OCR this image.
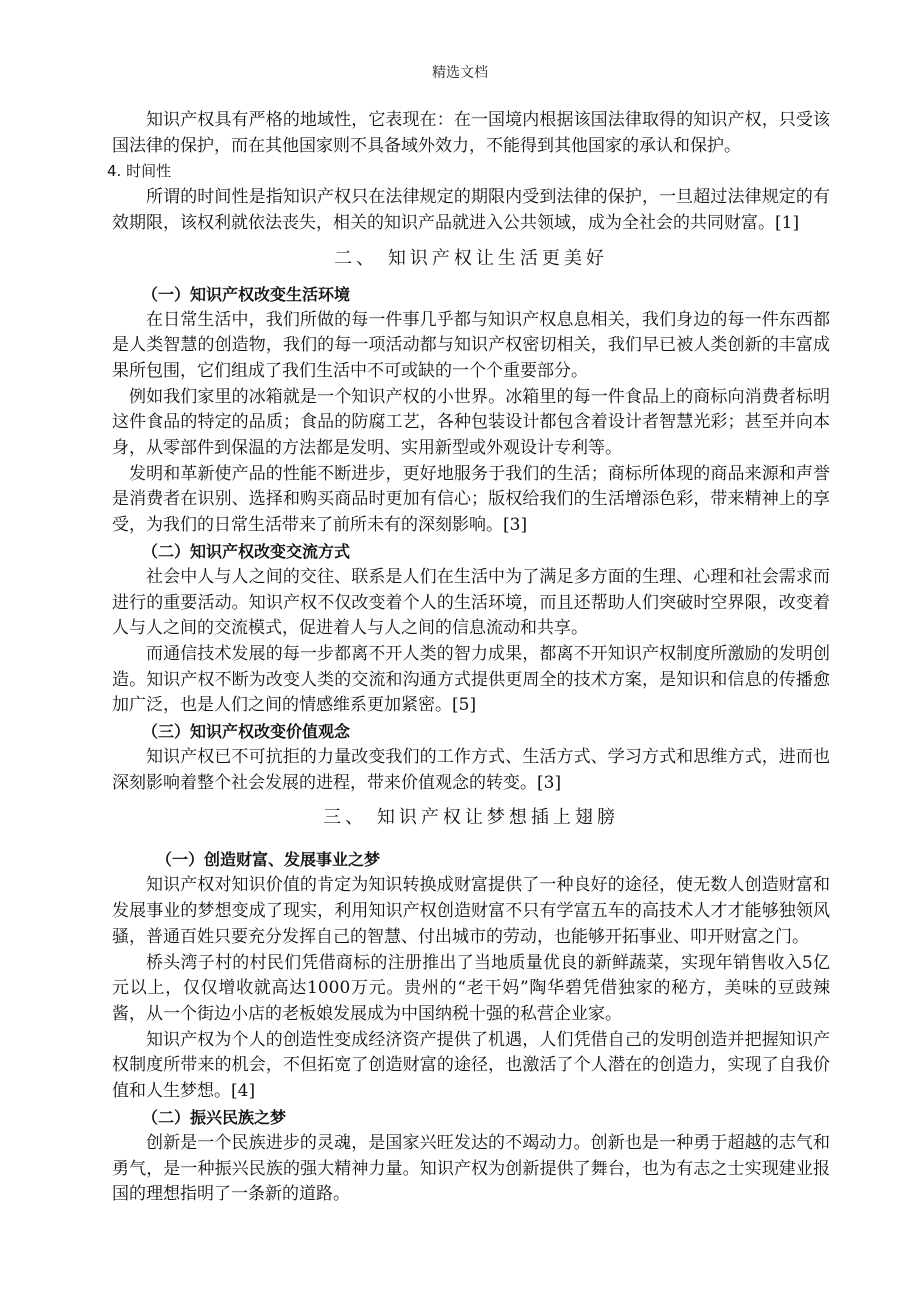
精选文档

知识产权具有严格的地域性，它表现在：在一国境内根据该国法律取得的知识产权，只受该国法律的保护，而在其他国家则不具备域外效力，不能得到其他国家的承认和保护。

4. 时间性

所谓的时间性是指知识产权只在法律规定的期限内受到法律的保护，一旦超过法律规定的有效期限，该权利就依法丧失，相关的知识产品就进入公共领域，成为全社会的共同财富。[1]

二、 知识产权让生活更美好
（一）知识产权改变生活环境

在日常生活中，我们所做的每一件事几乎都与知识产权息息相关，我们身边的每一件东西都是人类智慧的创造物，我们的每一项活动都与知识产权密切相关，我们早已被人类创新的丰富成果所包围，它们组成了我们生活中不可或缺的一个个重要部分。

例如我们家里的冰箱就是一个知识产权的小世界。冰箱里的每一件食品上的商标向消费者标明这件食品的特定的品质；食品的防腐工艺，各种包装设计都包含着设计者智慧光彩；甚至并向本身，从零部件到保温的方法都是发明、实用新型或外观设计专利等。

发明和革新使产品的性能不断进步，更好地服务于我们的生活；商标所体现的商品来源和声誉是消费者在识别、选择和购买商品时更加有信心；版权给我们的生活增添色彩，带来精神上的享受，为我们的日常生活带来了前所未有的深刻影响。[3]

（二）知识产权改变交流方式

社会中人与人之间的交往、联系是人们在生活中为了满足多方面的生理、心理和社会需求而进行的重要活动。知识产权不仅改变着个人的生活环境，而且还帮助人们突破时空界限，改变着人与人之间的交流模式，促进着人与人之间的信息流动和共享。

而通信技术发展的每一步都离不开人类的智力成果，都离不开知识产权制度所激励的发明创造。知识产权不断为改变人类的交流和沟通方式提供更周全的技术方案，是知识和信息的传播愈加广泛，也是人们之间的情感维系更加紧密。[5]

（三）知识产权改变价值观念

知识产权已不可抗拒的力量改变我们的工作方式、生活方式、学习方式和思维方式，进而也深刻影响着整个社会发展的进程，带来价值观念的转变。[3]

三、 知识产权让梦想插上翅膀
（一）创造财富、发展事业之梦

知识产权对知识价值的肯定为知识转换成财富提供了一种良好的途径，使无数人创造财富和发展事业的梦想变成了现实，利用知识产权创造财富不只有学富五车的高技术人才才能够独领风骚，普通百姓只要充分发挥自己的智慧、付出城市的劳动，也能够开拓事业、叩开财富之门。

桥头湾子村的村民们凭借商标的注册推出了当地质量优良的新鲜蔬菜，实现年销售收入5亿元以上，仅仅增收就高达1000万元。贵州的“老干妈”陶华碧凭借独家的秘方，美味的豆豉辣酱，从一个街边小店的老板娘发展成为中国纳税十强的私营企业家。

知识产权为个人的创造性变成经济资产提供了机遇，人们凭借自己的发明创造并把握知识产权制度所带来的机会，不但拓宽了创造财富的途径，也激活了个人潜在的创造力，实现了自我价值和人生梦想。[4]

（二）振兴民族之梦

创新是一个民族进步的灵魂，是国家兴旺发达的不竭动力。创新也是一种勇于超越的志气和勇气，是一种振兴民族的强大精神力量。知识产权为创新提供了舞台，也为有志之士实现建业报国的理想指明了一条新的道路。
